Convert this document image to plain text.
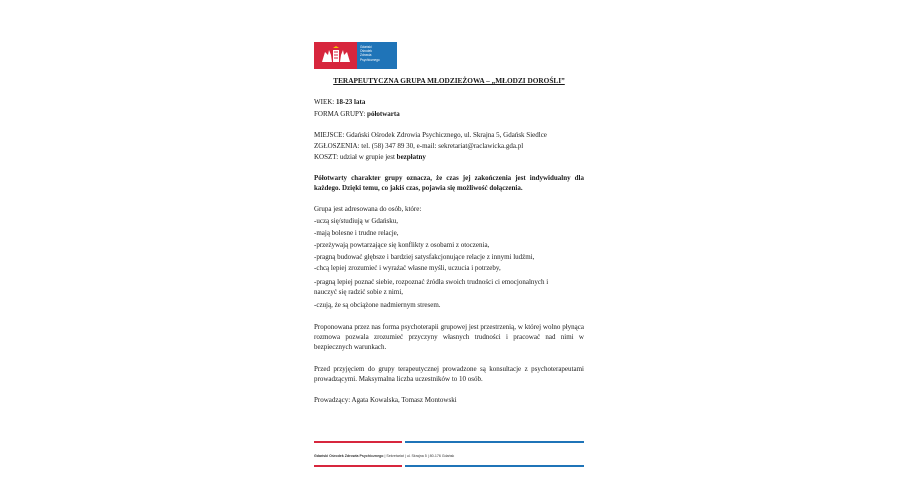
Gdański
Ośrodek
Zdrowia
Psychicznego
TERAPEUTYCZNA GRUPA MŁODZIEŻOWA – „MŁODZI DOROŚLI”
WIEK: 18-23 lata
FORMA GRUPY: półotwarta
MIEJSCE: Gdański Ośrodek Zdrowia Psychicznego, ul. Skrajna 5, Gdańsk Siedlce
ZGŁOSZENIA: tel. (58) 347 89 30, e-mail: sekretariat@raclawicka.gda.pl
KOSZT: udział w grupie jest bezpłatny
Półotwarty charakter grupy oznacza, że czas jej zakończenia jest indywidualny dla każdego. Dzięki temu, co jakiś czas, pojawia się możliwość dołączenia.
Grupa jest adresowana do osób, które:
-uczą się/studiują w Gdańsku,
-mają bolesne i trudne relacje,
-przeżywają powtarzające się konflikty z osobami z otoczenia,
-pragną budować głębsze i bardziej satysfakcjonujące relacje z innymi ludźmi,
-chcą lepiej zrozumieć i wyrażać własne myśli, uczucia i potrzeby,
-pragną lepiej poznać siebie, rozpoznać źródła swoich trudności ci emocjonalnych i
nauczyć się radzić sobie z nimi,
-czują, że są obciążone nadmiernym stresem.
Proponowana przez nas forma psychoterapii grupowej jest przestrzenią, w której wolno płynąca rozmowa pozwala zrozumieć przyczyny własnych trudności i pracować nad nimi w bezpiecznych warunkach.
Przed przyjęciem do grupy terapeutycznej prowadzone są konsultacje z psychoterapeutami prowadzącymi. Maksymalna liczba uczestników to 10 osób.
Prowadzący: Agata Kowalska, Tomasz Montowski
Gdański Ośrodek Zdrowia Psychicznego | Sekretariat | ul. Skrajna 5 | 80-176 Gdańsk
